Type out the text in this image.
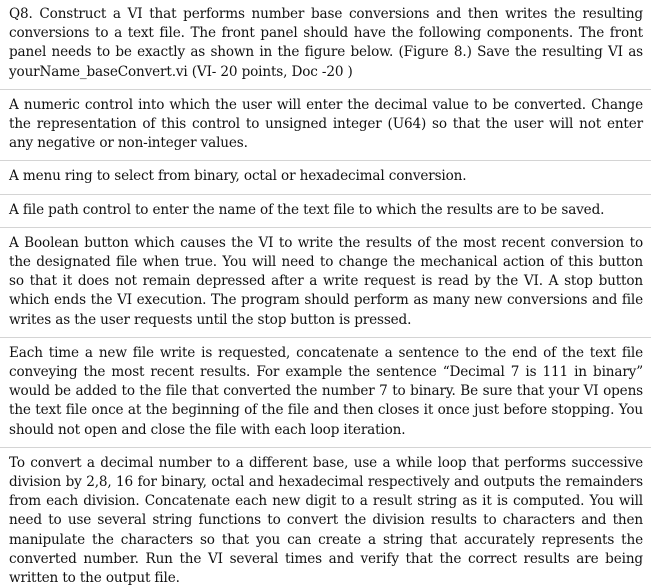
Q8. Construct a VI that performs number base conversions and then writes the resulting conversions to a text file. The front panel should have the following components. The front panel needs to be exactly as shown in the figure below. (Figure 8.) Save the resulting VI as yourName_baseConvert.vi (VI- 20 points, Doc -20 )

A numeric control into which the user will enter the decimal value to be converted. Change the representation of this control to unsigned integer (U64) so that the user will not enter any negative or non-integer values.

A menu ring to select from binary, octal or hexadecimal conversion.

A file path control to enter the name of the text file to which the results are to be saved.

A Boolean button which causes the VI to write the results of the most recent conversion to the designated file when true. You will need to change the mechanical action of this button so that it does not remain depressed after a write request is read by the VI. A stop button which ends the VI execution. The program should perform as many new conversions and file writes as the user requests until the stop button is pressed.

Each time a new file write is requested, concatenate a sentence to the end of the text file conveying the most recent results. For example the sentence “Decimal 7 is 111 in binary” would be added to the file that converted the number 7 to binary. Be sure that your VI opens the text file once at the beginning of the file and then closes it once just before stopping. You should not open and close the file with each loop iteration.

To convert a decimal number to a different base, use a while loop that performs successive division by 2,8, 16 for binary, octal and hexadecimal respectively and outputs the remainders from each division. Concatenate each new digit to a result string as it is computed. You will need to use several string functions to convert the division results to characters and then manipulate the characters so that you can create a string that accurately represents the converted number. Run the VI several times and verify that the correct results are being written to the output file.
